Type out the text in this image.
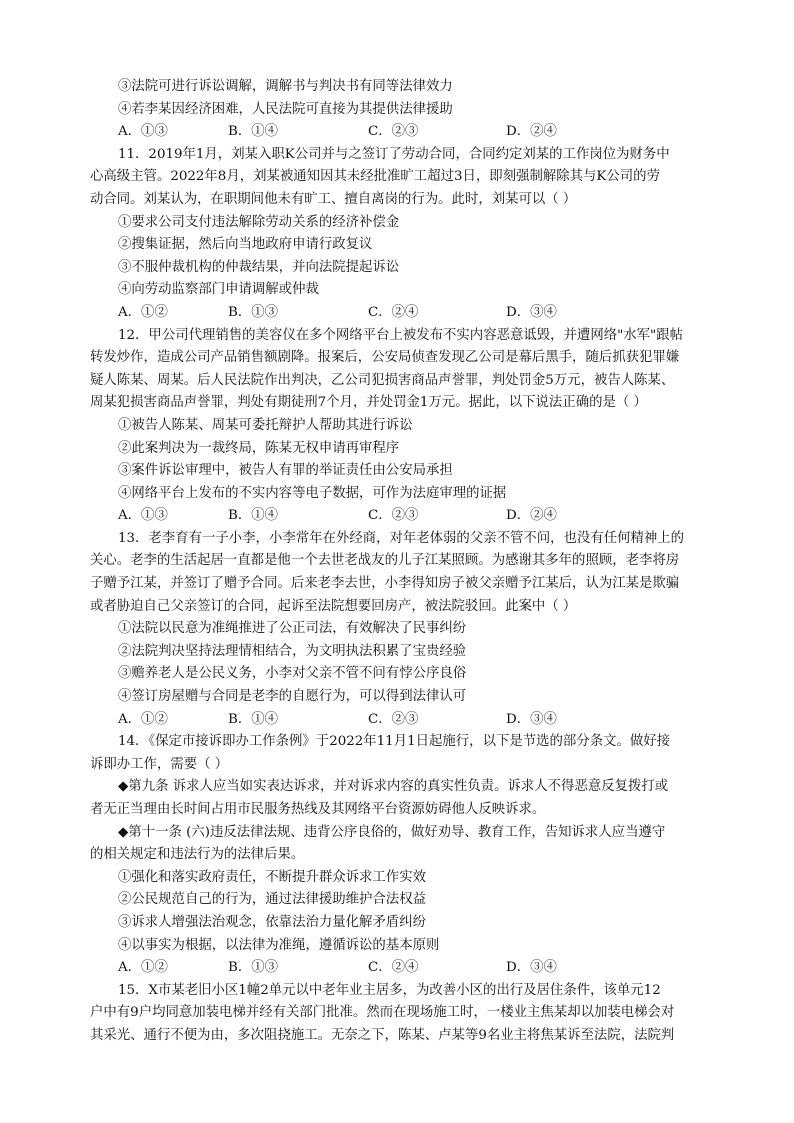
③法院可进行诉讼调解，调解书与判决书有同等法律效力
④若李某因经济困难，人民法院可直接为其提供法律援助
A．①③	B．①④	C．②③	D．②④
11．2019年1月，刘某入职K公司并与之签订了劳动合同，合同约定刘某的工作岗位为财务中
心高级主管。2022年8月，刘某被通知因其未经批准旷工超过3日，即刻强制解除其与K公司的劳
动合同。刘某认为，在职期间他未有旷工、擅自离岗的行为。此时，刘某可以（ ）
①要求公司支付违法解除劳动关系的经济补偿金
②搜集证据，然后向当地政府申请行政复议
③不服仲裁机构的仲裁结果，并向法院提起诉讼
④向劳动监察部门申请调解或仲裁
A．①②	B．①③	C．②④	D．③④
12．甲公司代理销售的美容仪在多个网络平台上被发布不实内容恶意诋毁，并遭网络"水军"跟帖
转发炒作，造成公司产品销售额剧降。报案后，公安局侦查发现乙公司是幕后黑手，随后抓获犯罪嫌
疑人陈某、周某。后人民法院作出判决，乙公司犯损害商品声誉罪，判处罚金5万元，被告人陈某、
周某犯损害商品声誉罪，判处有期徒刑7个月，并处罚金1万元。据此，以下说法正确的是（ ）
①被告人陈某、周某可委托辩护人帮助其进行诉讼
②此案判决为一裁终局，陈某无权申请再审程序
③案件诉讼审理中，被告人有罪的举证责任由公安局承担
④网络平台上发布的不实内容等电子数据，可作为法庭审理的证据
A．①③	B．①④	C．②③	D．②④
13．老李育有一子小李，小李常年在外经商，对年老体弱的父亲不管不问，也没有任何精神上的
关心。老李的生活起居一直都是他一个去世老战友的儿子江某照顾。为感谢其多年的照顾，老李将房
子赠予江某，并签订了赠予合同。后来老李去世，小李得知房子被父亲赠予江某后，认为江某是欺骗
或者胁迫自己父亲签订的合同，起诉至法院想要回房产，被法院驳回。此案中（ ）
①法院以民意为准绳推进了公正司法，有效解决了民事纠纷
②法院判决坚持法理情相结合，为文明执法积累了宝贵经验
③赡养老人是公民义务，小李对父亲不管不问有悖公序良俗
④签订房屋赠与合同是老李的自愿行为，可以得到法律认可
A．①②	B．①④	C．②③	D．③④
14．《保定市接诉即办工作条例》于2022年11月1日起施行，以下是节选的部分条文。做好接
诉即办工作，需要（ ）
◆第九条 诉求人应当如实表达诉求，并对诉求内容的真实性负责。诉求人不得恶意反复拨打或
者无正当理由长时间占用市民服务热线及其网络平台资源妨碍他人反映诉求。
◆第十一条 (六)违反法律法规、违背公序良俗的，做好劝导、教育工作，告知诉求人应当遵守
的相关规定和违法行为的法律后果。
①强化和落实政府责任，不断提升群众诉求工作实效
②公民规范自己的行为，通过法律援助维护合法权益
③诉求人增强法治观念，依靠法治力量化解矛盾纠纷
④以事实为根据，以法律为准绳，遵循诉讼的基本原则
A．①②	B．①③	C．②④	D．③④
15．X市某老旧小区1幢2单元以中老年业主居多，为改善小区的出行及居住条件，该单元12
户中有9户均同意加装电梯并经有关部门批准。然而在现场施工时，一楼业主焦某却以加装电梯会对
其采光、通行不便为由，多次阻挠施工。无奈之下，陈某、卢某等9名业主将焦某诉至法院，法院判
